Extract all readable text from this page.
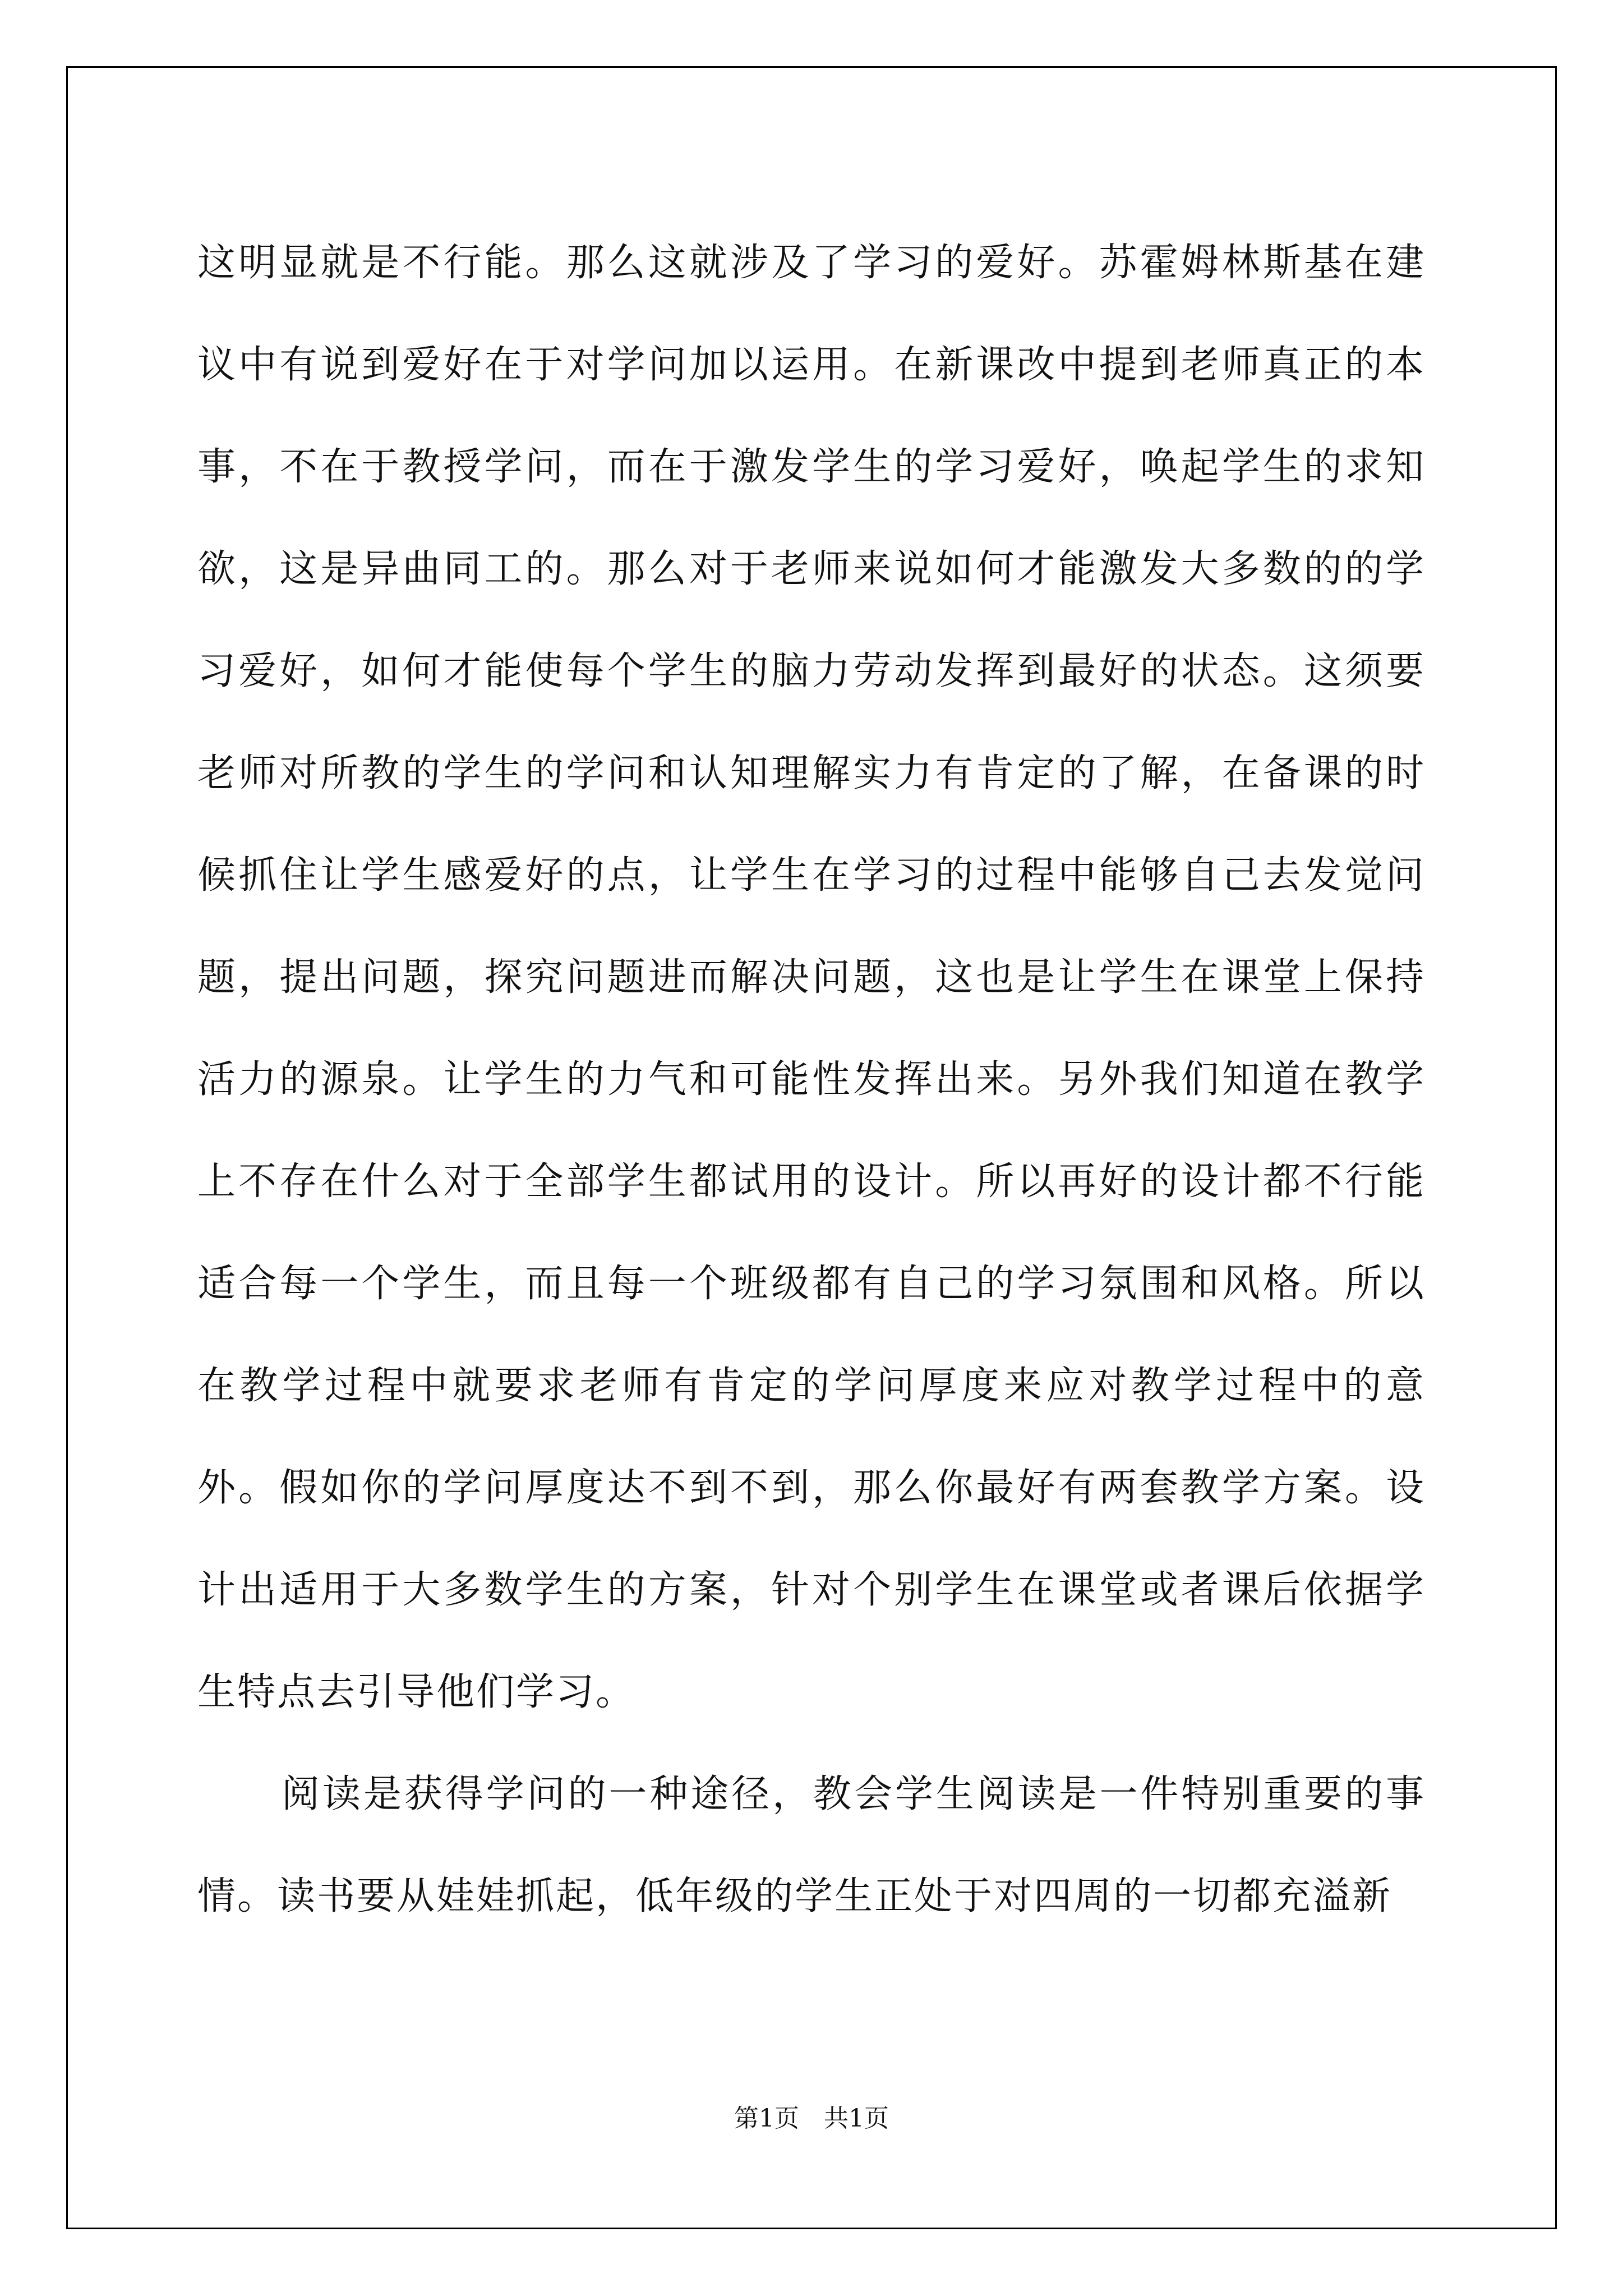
这明显就是不行能。那么这就涉及了学习的爱好。苏霍姆林斯基在建议中有说到爱好在于对学问加以运用。在新课改中提到老师真正的本事，不在于教授学问，而在于激发学生的学习爱好，唤起学生的求知欲，这是异曲同工的。那么对于老师来说如何才能激发大多数的的学习爱好，如何才能使每个学生的脑力劳动发挥到最好的状态。这须要老师对所教的学生的学问和认知理解实力有肯定的了解，在备课的时候抓住让学生感爱好的点，让学生在学习的过程中能够自己去发觉问题，提出问题，探究问题进而解决问题，这也是让学生在课堂上保持活力的源泉。让学生的力气和可能性发挥出来。另外我们知道在教学上不存在什么对于全部学生都试用的设计。所以再好的设计都不行能适合每一个学生，而且每一个班级都有自己的学习氛围和风格。所以在教学过程中就要求老师有肯定的学问厚度来应对教学过程中的意外。假如你的学问厚度达不到不到，那么你最好有两套教学方案。设计出适用于大多数学生的方案，针对个别学生在课堂或者课后依据学生特点去引导他们学习。

阅读是获得学问的一种途径，教会学生阅读是一件特别重要的事情。读书要从娃娃抓起，低年级的学生正处于对四周的一切都充溢新

第1页　共1页
